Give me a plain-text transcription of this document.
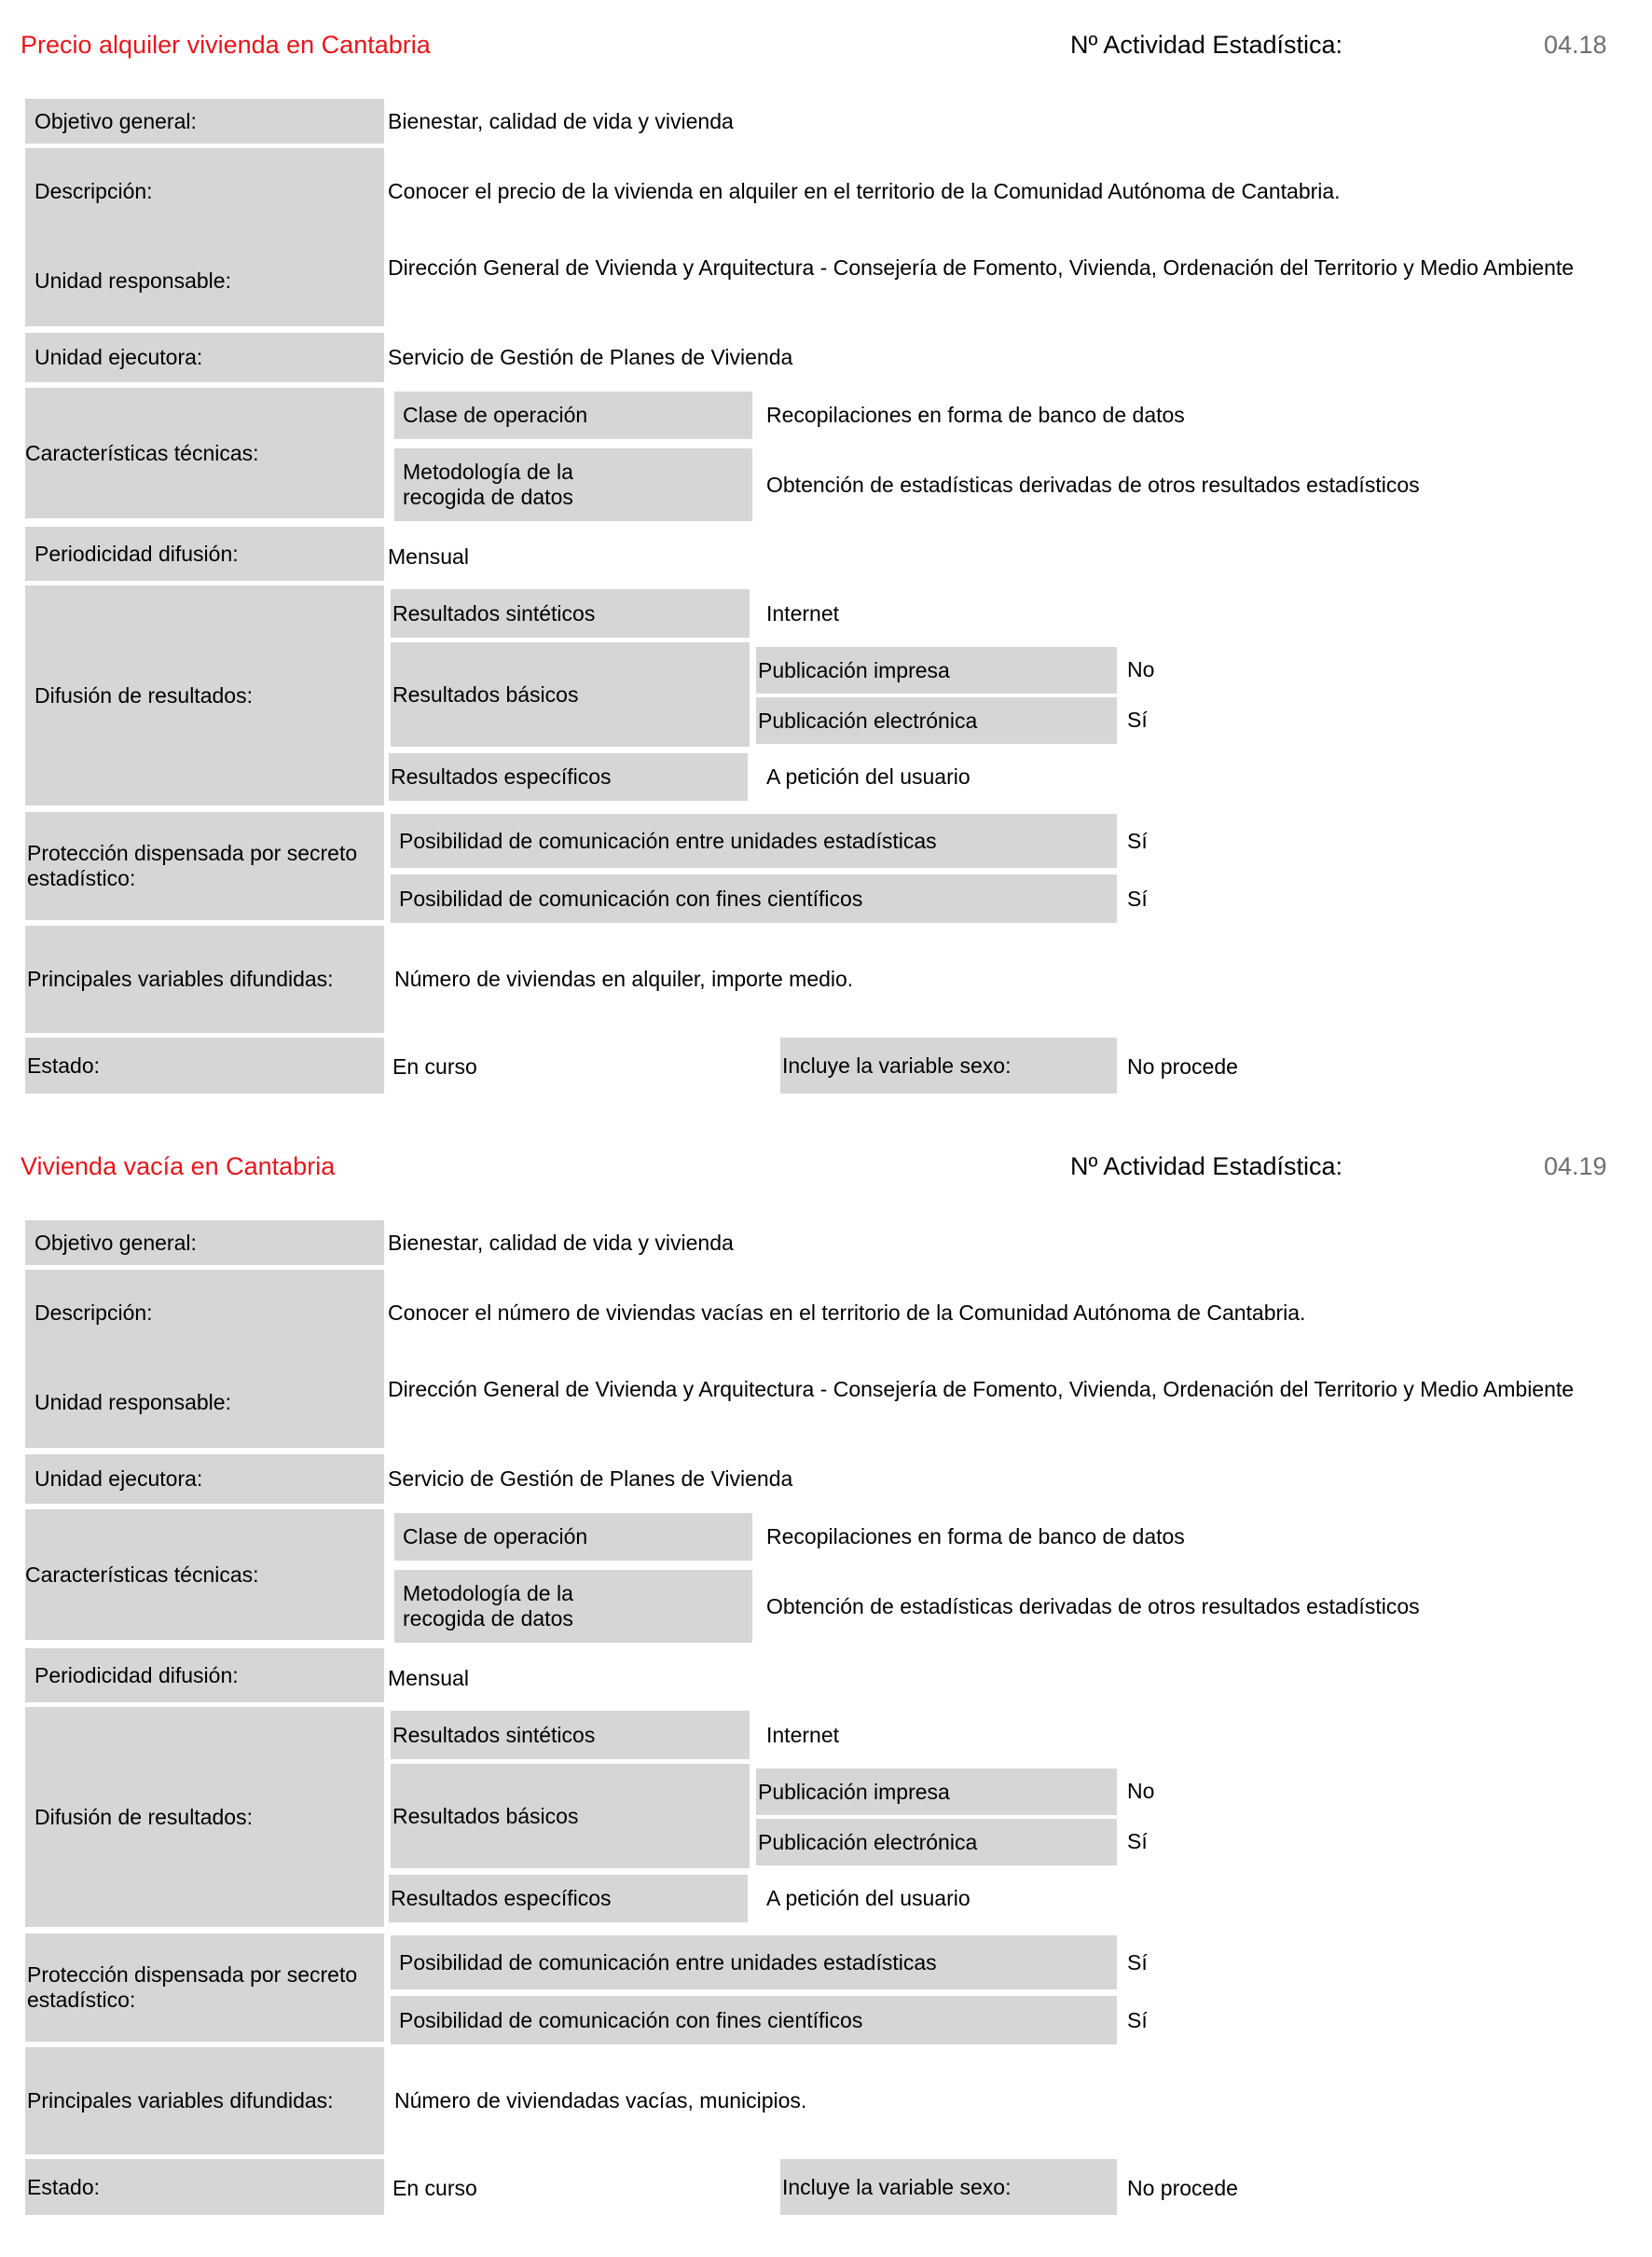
Precio alquiler vivienda en Cantabria	Nº Actividad Estadística:	04.18
Objetivo general:	Bienestar, calidad de vida y vivienda
Descripción:	Conocer el precio de la vivienda en alquiler en el territorio de la Comunidad Autónoma de Cantabria.
Unidad responsable:
Dirección General de Vivienda y Arquitectura - Consejería de Fomento, Vivienda, Ordenación del Territorio y Medio Ambiente
Unidad ejecutora:	Servicio de Gestión de Planes de Vivienda
Características técnicas:
Clase de operación	Recopilaciones en forma de banco de datos
Metodología de la recogida de datos	Obtención de estadísticas derivadas de otros resultados estadísticos
Periodicidad difusión:	Mensual
Difusión de resultados:
Resultados sintéticos	Internet
Resultados básicos
Publicación impresa	No
Publicación electrónica	Sí
Resultados específicos	A petición del usuario
Protección dispensada por secreto estadístico:
Posibilidad de comunicación entre unidades estadísticas	Sí
Posibilidad de comunicación con fines científicos	Sí
Principales variables difundidas:	Número de viviendas en alquiler, importe medio.
Estado:	En curso	Incluye la variable sexo:	No procede
Vivienda vacía en Cantabria	Nº Actividad Estadística:	04.19
Objetivo general:	Bienestar, calidad de vida y vivienda
Descripción:	Conocer el número de viviendas vacías en el territorio de la Comunidad Autónoma de Cantabria.
Unidad responsable:
Dirección General de Vivienda y Arquitectura - Consejería de Fomento, Vivienda, Ordenación del Territorio y Medio Ambiente
Unidad ejecutora:	Servicio de Gestión de Planes de Vivienda
Características técnicas:
Clase de operación	Recopilaciones en forma de banco de datos
Metodología de la recogida de datos	Obtención de estadísticas derivadas de otros resultados estadísticos
Periodicidad difusión:	Mensual
Difusión de resultados:
Resultados sintéticos	Internet
Resultados básicos
Publicación impresa	No
Publicación electrónica	Sí
Resultados específicos	A petición del usuario
Protección dispensada por secreto estadístico:
Posibilidad de comunicación entre unidades estadísticas	Sí
Posibilidad de comunicación con fines científicos	Sí
Principales variables difundidas:	Número de viviendadas vacías, municipios.
Estado:	En curso	Incluye la variable sexo:	No procede
